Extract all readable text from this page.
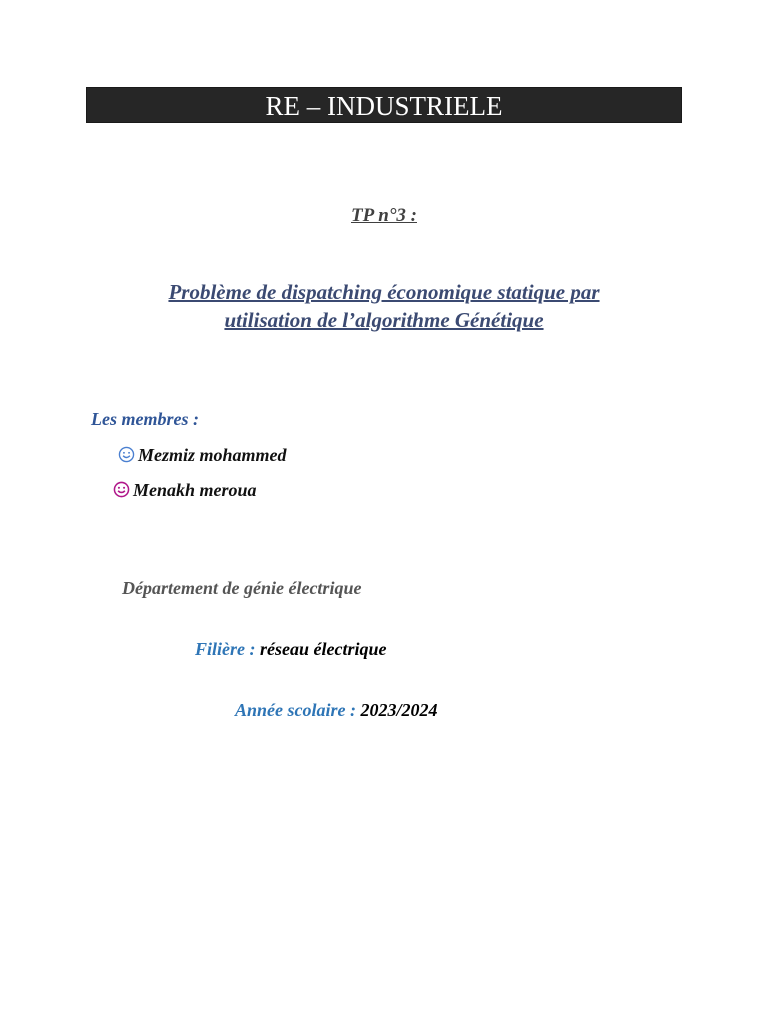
RE – INDUSTRIELE
TP n°3 :
Problème de dispatching économique statique par
utilisation de l’algorithme Génétique
Les membres :
Mezmiz mohammed
Menakh meroua
Département de génie électrique
Filière : réseau électrique
Année scolaire : 2023/2024
